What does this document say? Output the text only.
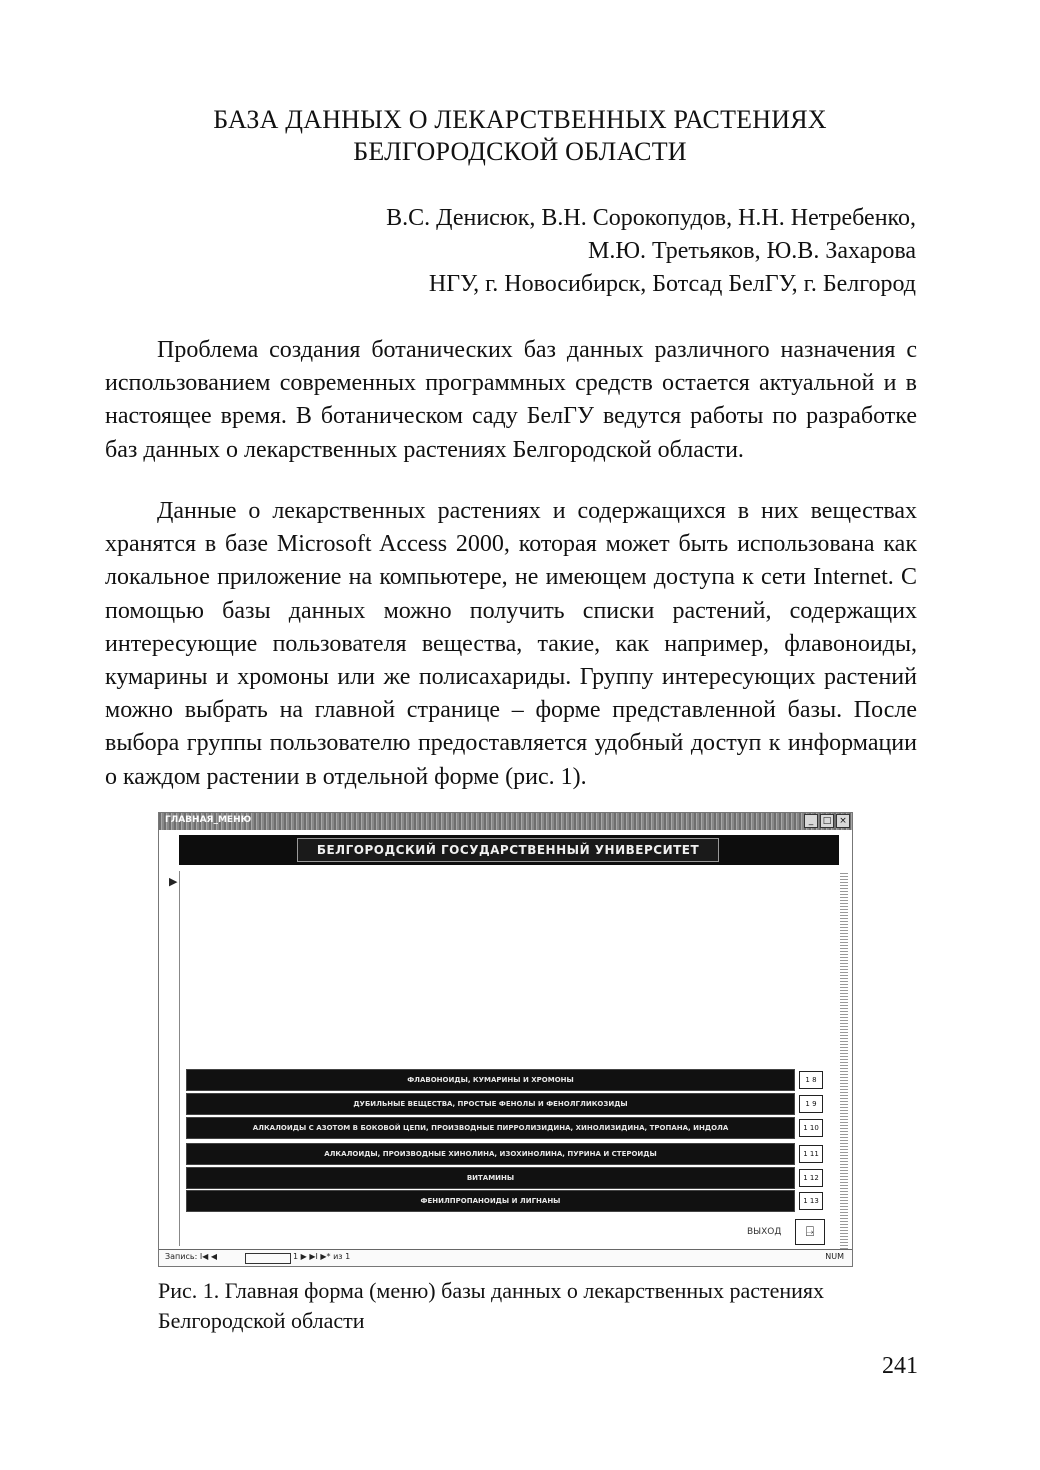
БАЗА ДАННЫХ О ЛЕКАРСТВЕННЫХ РАСТЕНИЯХ
БЕЛГОРОДСКОЙ ОБЛАСТИ
В.С. Денисюк, В.Н. Сорокопудов, Н.Н. Нетребенко,
М.Ю. Третьяков, Ю.В. Захарова
НГУ, г. Новосибирск, Ботсад БелГУ, г. Белгород

Проблема создания ботанических баз данных различного назначения с использованием современных программных средств остается актуальной и в настоящее время. В ботаническом саду БелГУ ведутся работы по разработке баз данных о лекарственных растениях Белгородской области.

Данные о лекарственных растениях и содержащихся в них веществах хранятся в базе Microsoft Access 2000, которая может быть использована как локальное приложение на компьютере, не имеющем доступа к сети Internet. С помощью базы данных можно получить списки растений, содержащих интересующие пользователя вещества, такие, как например, флавоноиды, кумарины и хромоны или же полисахариды. Группу интересующих растений можно выбрать на главной странице – форме представленной базы. После выбора группы пользователю предоставляется удобный доступ к информации о каждом растении в отдельной форме (рис. 1).

ГЛАВНАЯ_МЕНЮ	_	□ ×
БЕЛГОРОДСКИЙ ГОСУДАРСТВЕННЫЙ УНИВЕРСИТЕТ
▶
ФЛАВОНОИДЫ, КУМАРИНЫ И ХРОМОНЫ	1 8
ДУБИЛЬНЫЕ ВЕЩЕСТВА, ПРОСТЫЕ ФЕНОЛЫ И ФЕНОЛГЛИКОЗИДЫ	1 9
АЛКАЛОИДЫ С АЗОТОМ В БОКОВОЙ ЦЕПИ, ПРОИЗВОДНЫЕ ПИРРОЛИЗИДИНА, ХИНОЛИЗИДИНА, ТРОПАНА, ИНДОЛА	1 10
АЛКАЛОИДЫ, ПРОИЗВОДНЫЕ ХИНОЛИНА, ИЗОХИНОЛИНА, ПУРИНА И СТЕРОИДЫ	1 11
ВИТАМИНЫ	1 12
ФЕНИЛПРОПАНОИДЫ И ЛИГНАНЫ	1 13
ВЫХОД	⍈
Запись: I◀ ◀	1 ▶ ▶I ▶* из 1	NUM
Рис. 1. Главная форма (меню) базы данных о лекарственных растениях Белгородской области
241
